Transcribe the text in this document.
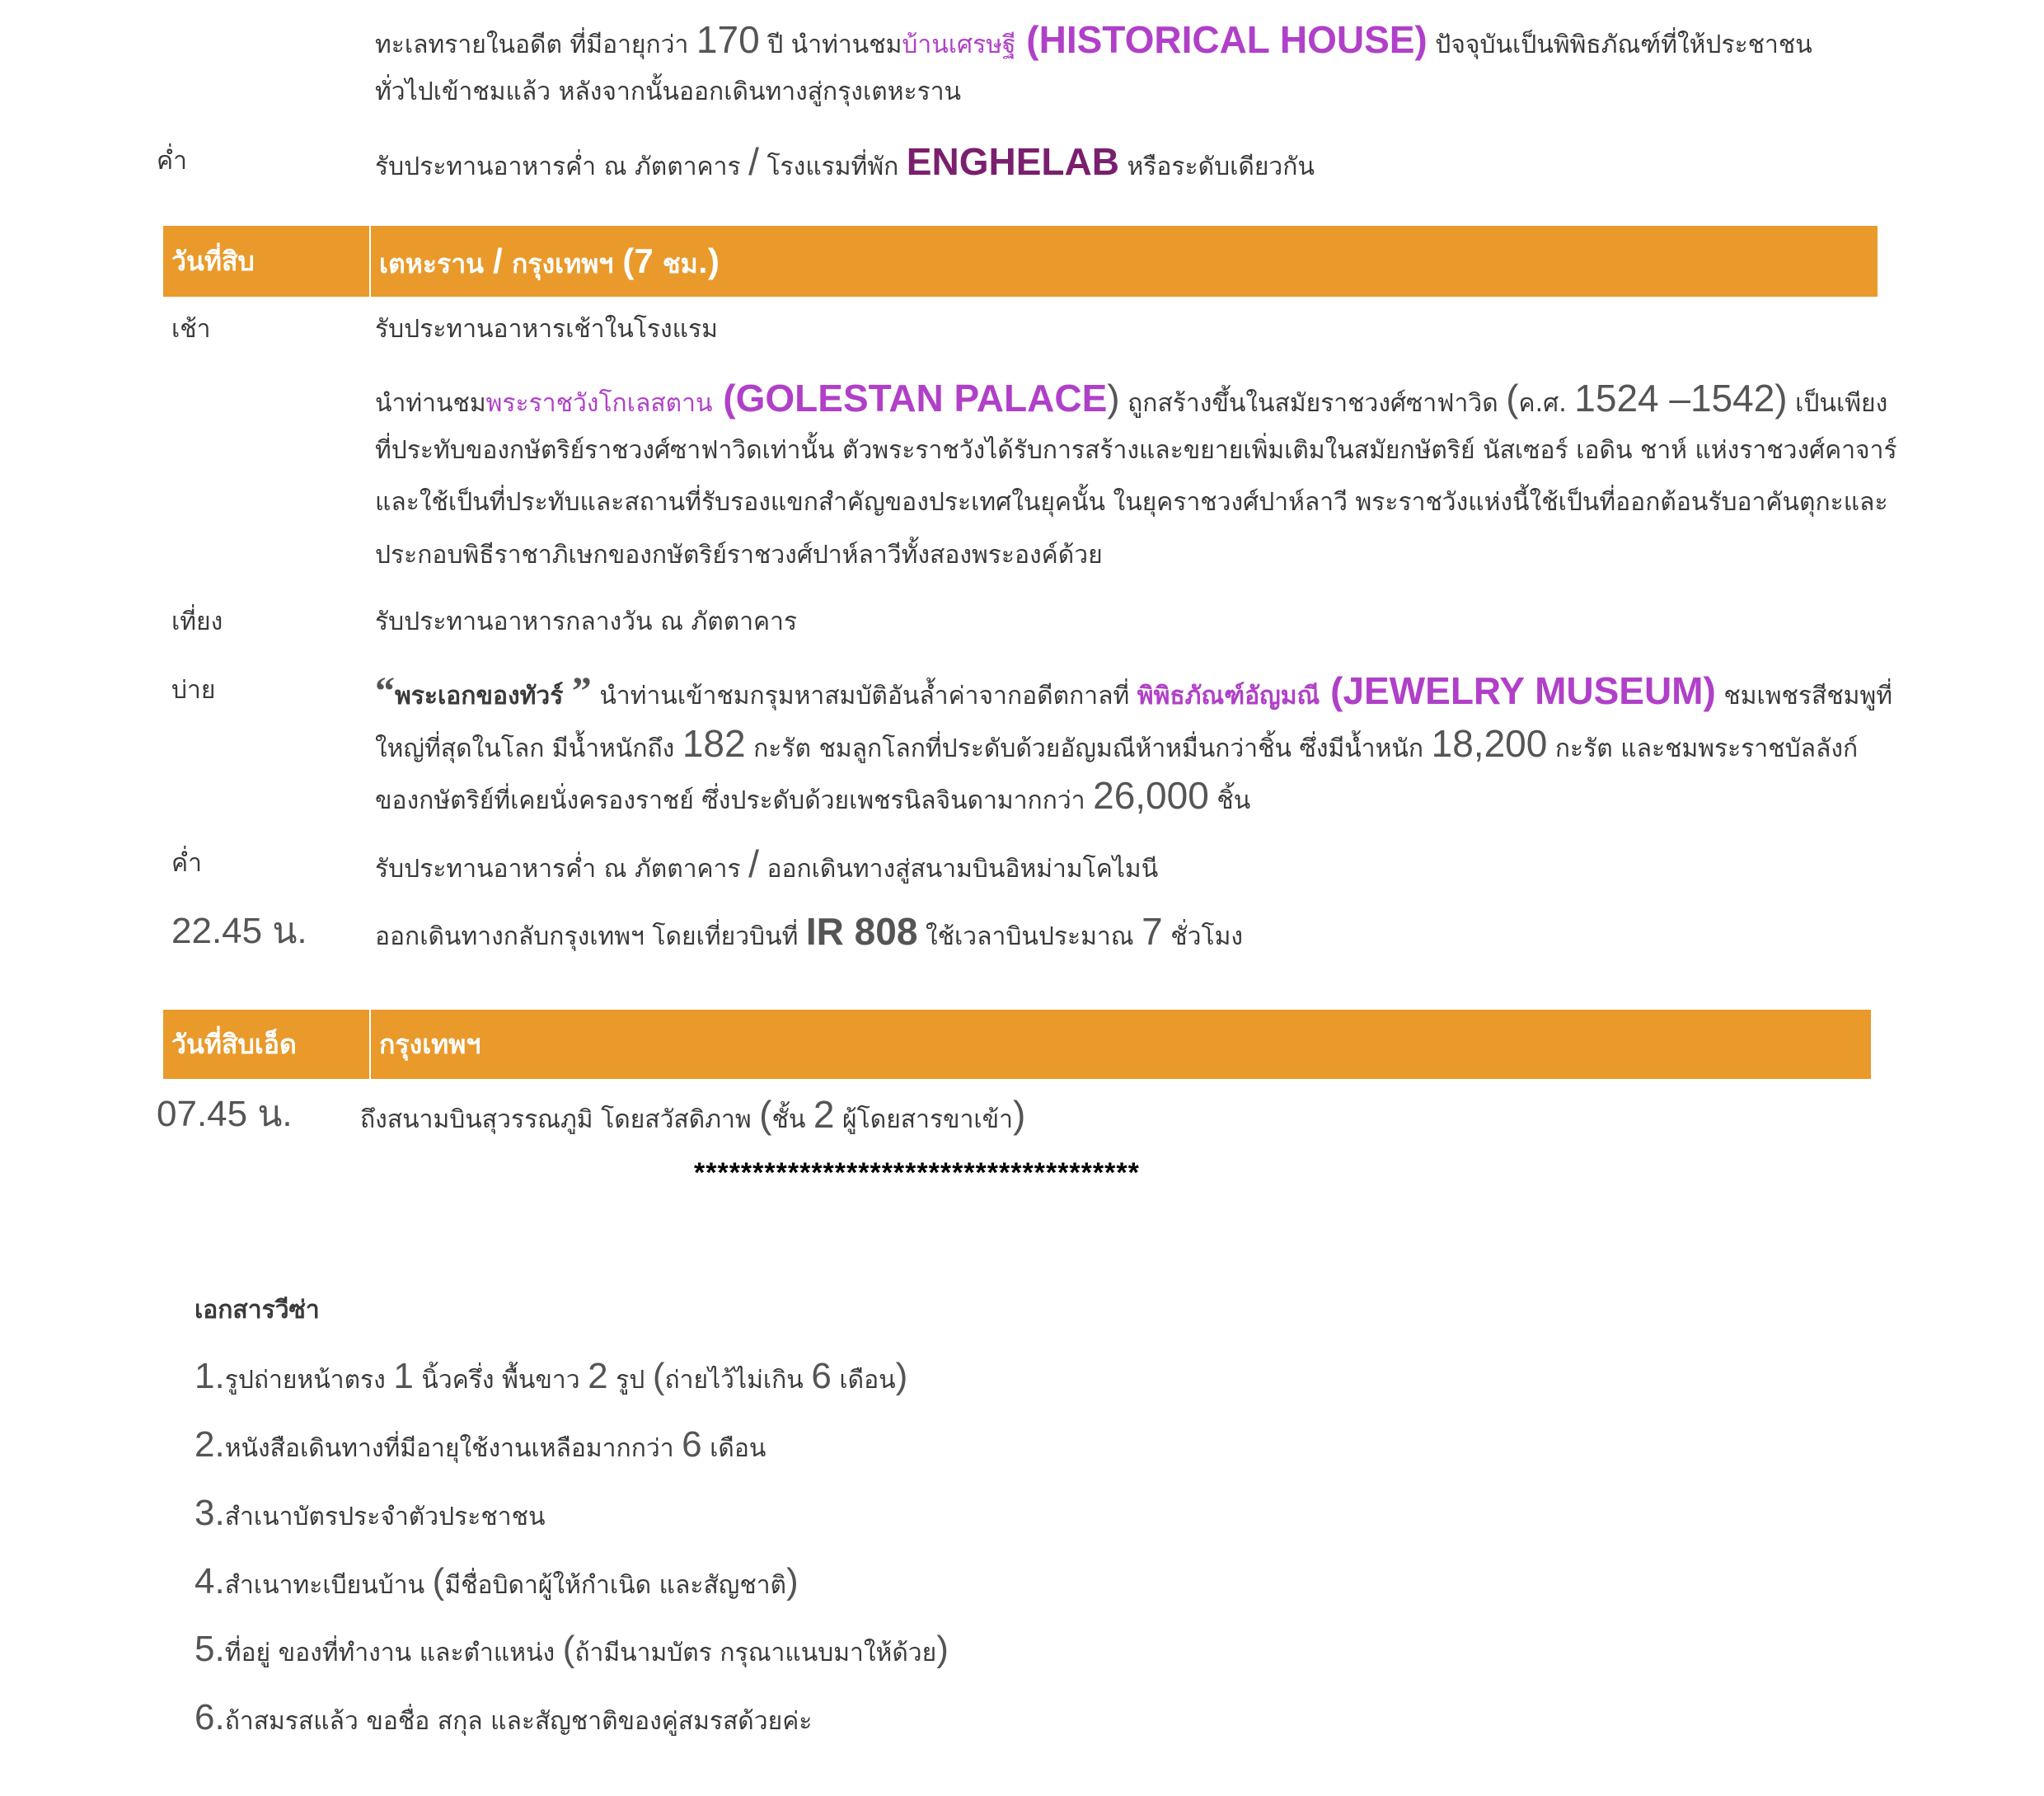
ทะเลทรายในอดีต ที่มีอายุกว่า 170 ปี นำท่านชมบ้านเศรษฐี (HISTORICAL HOUSE) ปัจจุบันเป็นพิพิธภัณฑ์ที่ให้ประชาชน
ทั่วไปเข้าชมแล้ว หลังจากนั้นออกเดินทางสู่กรุงเตหะราน
ค่ำ	รับประทานอาหารค่ำ ณ ภัตตาคาร / โรงแรมที่พัก ENGHELAB หรือระดับเดียวกัน
วันที่สิบ	เตหะราน / กรุงเทพฯ (7 ชม.)
เช้า	รับประทานอาหารเช้าในโรงแรม
นำท่านชมพระราชวังโกเลสตาน (GOLESTAN PALACE) ถูกสร้างขึ้นในสมัยราชวงศ์ซาฟาวิด (ค.ศ. 1524 –1542) เป็นเพียง
ที่ประทับของกษัตริย์ราชวงศ์ซาฟาวิดเท่านั้น ตัวพระราชวังได้รับการสร้างและขยายเพิ่มเติมในสมัยกษัตริย์ นัสเซอร์ เอดิน ชาห์ แห่งราชวงศ์คาจาร์
และใช้เป็นที่ประทับและสถานที่รับรองแขกสำคัญของประเทศในยุคนั้น ในยุคราชวงศ์ปาห์ลาวี พระราชวังแห่งนี้ใช้เป็นที่ออกต้อนรับอาคันตุกะและ
ประกอบพิธีราชาภิเษกของกษัตริย์ราชวงศ์ปาห์ลาวีทั้งสองพระองค์ด้วย
เที่ยง	รับประทานอาหารกลางวัน ณ ภัตตาคาร
บ่าย	“พระเอกของทัวร์ ” นำท่านเข้าชมกรุมหาสมบัติอันล้ำค่าจากอดีตกาลที่ พิพิธภัณฑ์อัญมณี (JEWELRY MUSEUM) ชมเพชรสีชมพูที่
ใหญ่ที่สุดในโลก มีน้ำหนักถึง 182 กะรัต ชมลูกโลกที่ประดับด้วยอัญมณีห้าหมื่นกว่าชิ้น ซึ่งมีน้ำหนัก 18,200 กะรัต และชมพระราชบัลลังก์
ของกษัตริย์ที่เคยนั่งครองราชย์ ซึ่งประดับด้วยเพชรนิลจินดามากกว่า 26,000 ชิ้น
ค่ำ	รับประทานอาหารค่ำ ณ ภัตตาคาร / ออกเดินทางสู่สนามบินอิหม่ามโคไมนี
22.45 น.	ออกเดินทางกลับกรุงเทพฯ โดยเที่ยวบินที่ IR 808 ใช้เวลาบินประมาณ 7 ชั่วโมง
วันที่สิบเอ็ด	กรุงเทพฯ
07.45 น.	ถึงสนามบินสุวรรณภูมิ โดยสวัสดิภาพ (ชั้น 2 ผู้โดยสารขาเข้า)
**************************************
เอกสารวีซ่า
1.รูปถ่ายหน้าตรง 1 นิ้วครึ่ง พื้นขาว 2 รูป (ถ่ายไว้ไม่เกิน 6 เดือน)
2.หนังสือเดินทางที่มีอายุใช้งานเหลือมากกว่า 6 เดือน
3.สำเนาบัตรประจำตัวประชาชน
4.สำเนาทะเบียนบ้าน (มีชื่อบิดาผู้ให้กำเนิด และสัญชาติ)
5.ที่อยู่ ของที่ทำงาน และตำแหน่ง (ถ้ามีนามบัตร กรุณาแนบมาให้ด้วย)
6.ถ้าสมรสแล้ว ขอชื่อ สกุล และสัญชาติของคู่สมรสด้วยค่ะ
